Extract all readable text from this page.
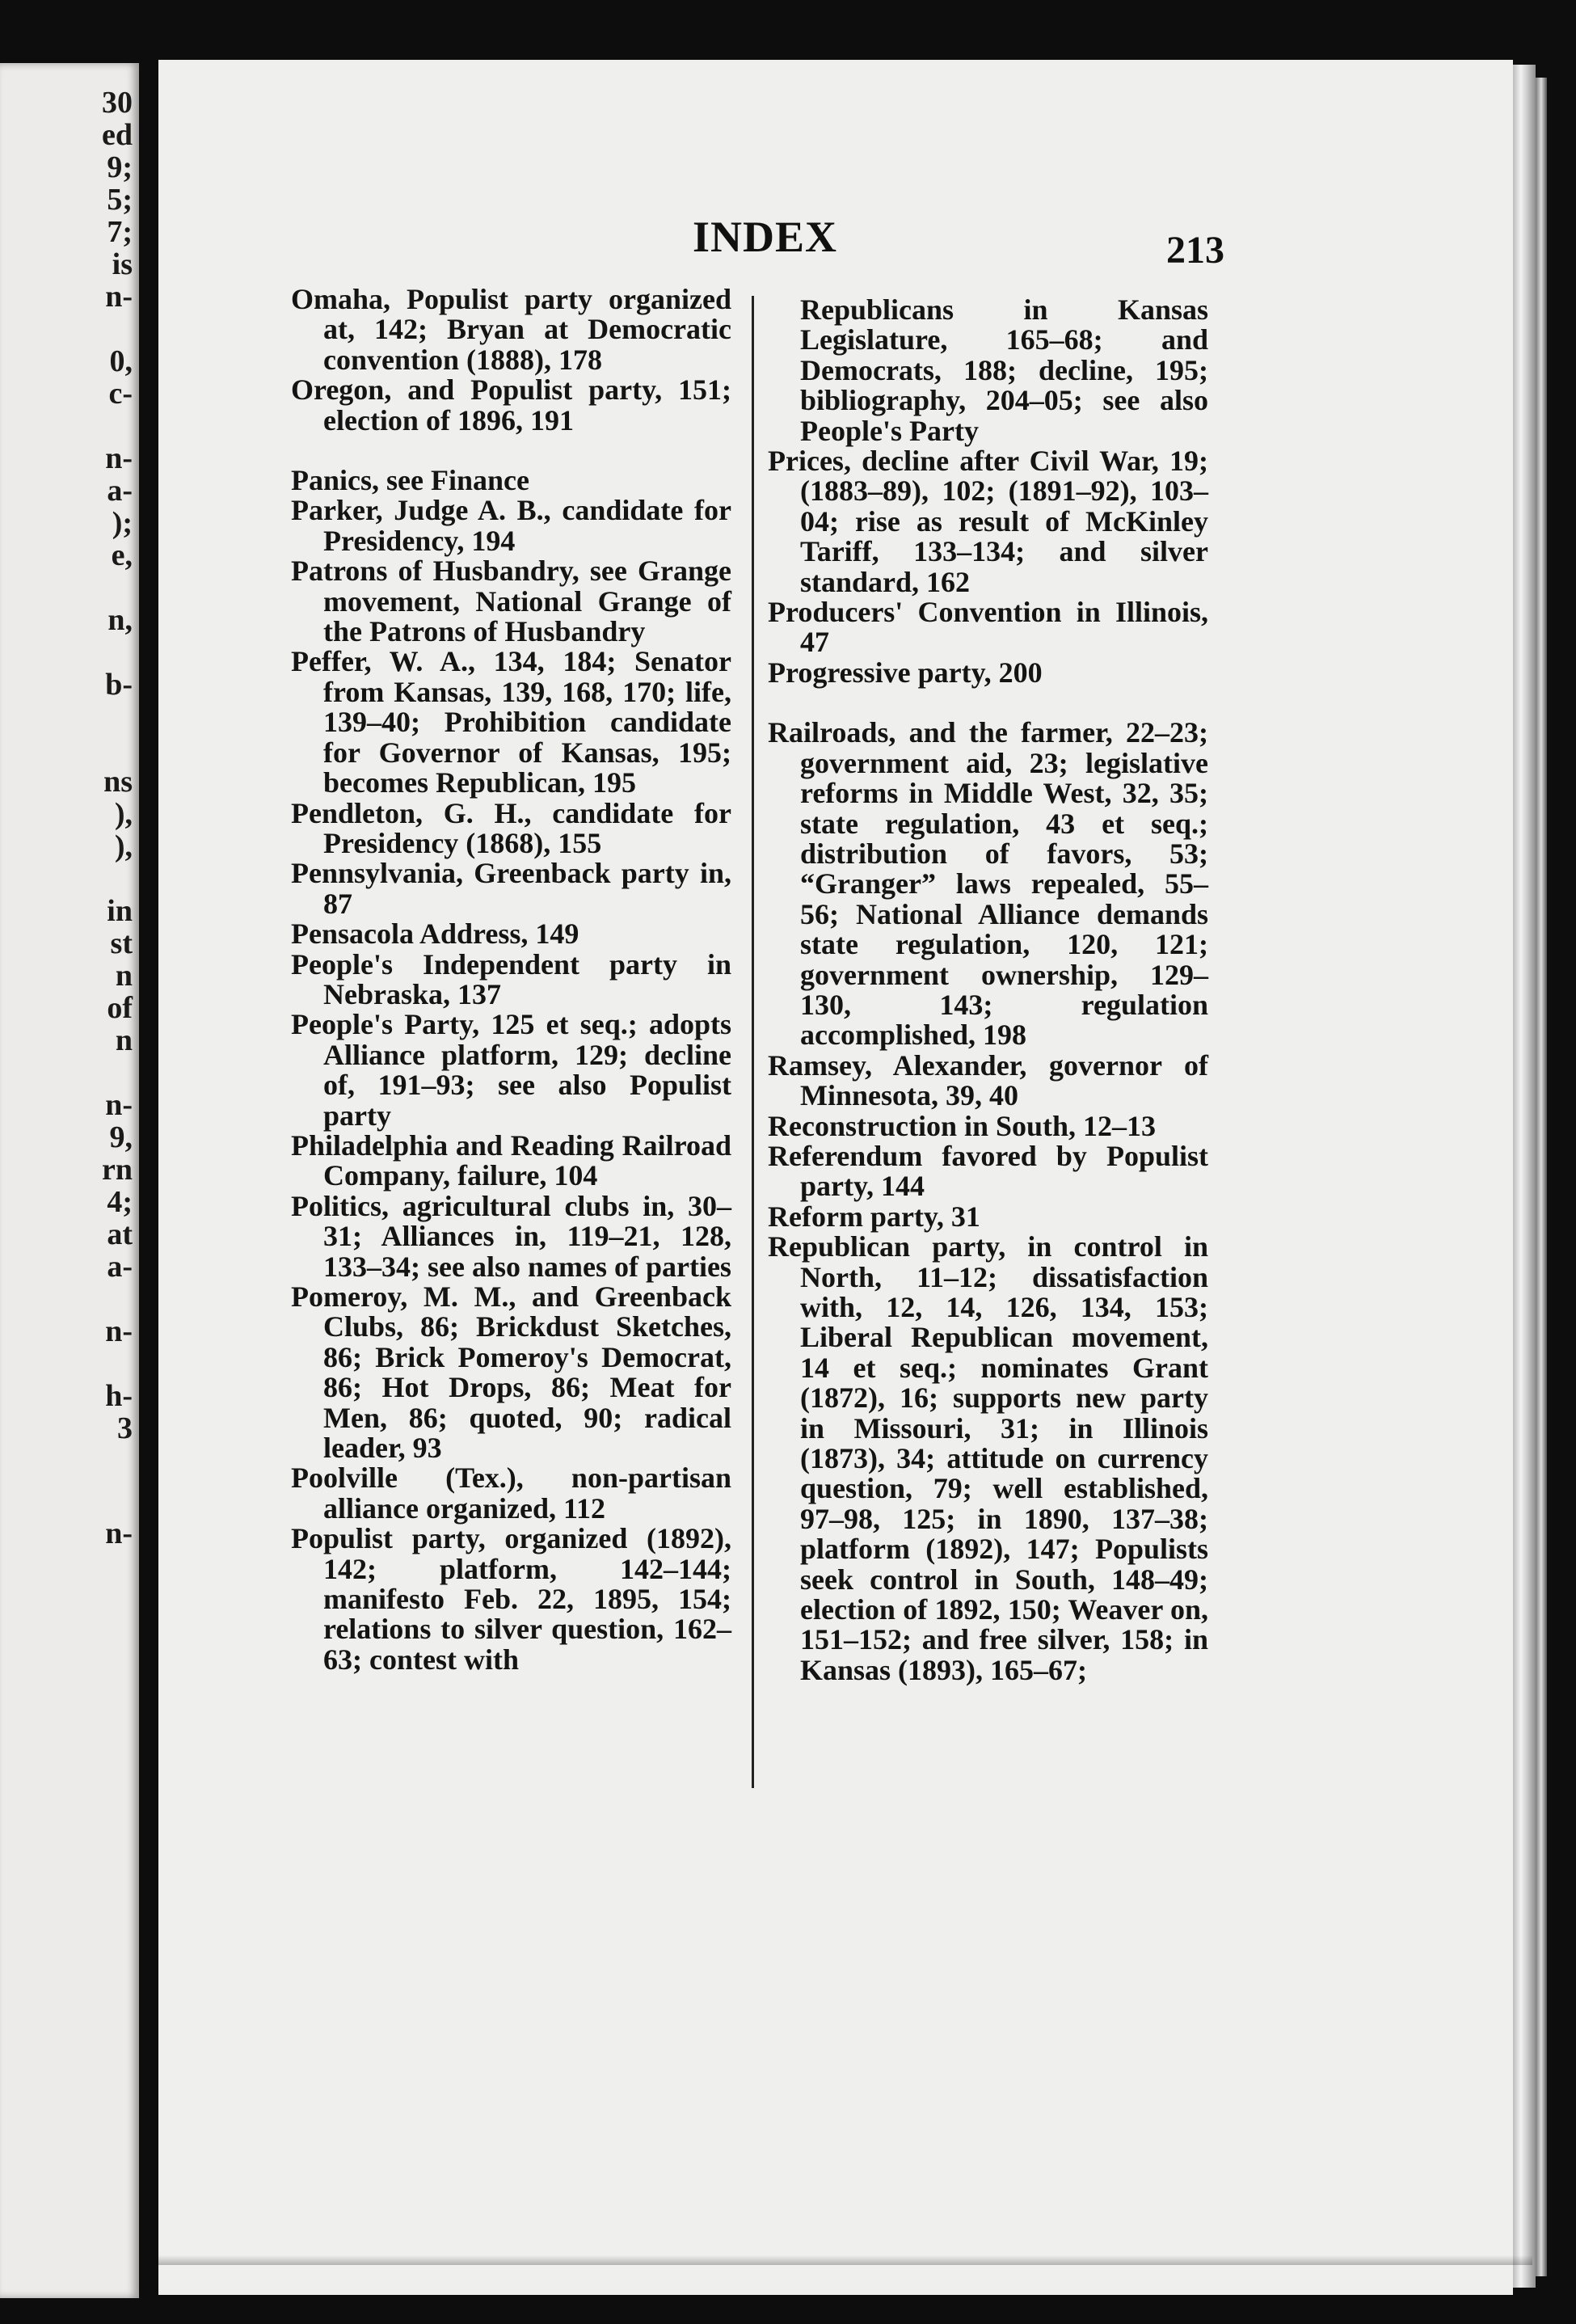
30
ed
9;
5;
7;
is
n-
0,
c-
n-
a-
);
e,
n,
b-
ns
),
),
in
st
n
of
n
n-
9,
rn
4;
at
a-
n-
h-
3
n-
INDEX	213

Omaha, Populist party organized at, 142; Bryan at Democratic convention (1888), 178

Oregon, and Populist party, 151; election of 1896, 191

Panics, see Finance

Parker, Judge A. B., candidate for Presidency, 194

Patrons of Husbandry, see Grange movement, National Grange of the Patrons of Husbandry

Peffer, W. A., 134, 184; Senator from Kansas, 139, 168, 170; life, 139–40; Prohibition candidate for Governor of Kansas, 195; becomes Republican, 195

Pendleton, G. H., candidate for Presidency (1868), 155

Pennsylvania, Greenback party in, 87

Pensacola Address, 149

People's Independent party in Nebraska, 137

People's Party, 125 et seq.; adopts Alliance platform, 129; decline of, 191–93; see also Populist party

Philadelphia and Reading Railroad Company, failure, 104

Politics, agricultural clubs in, 30–31; Alliances in, 119–21, 128, 133–34; see also names of parties

Pomeroy, M. M., and Greenback Clubs, 86; Brickdust Sketches, 86; Brick Pomeroy's Democrat, 86; Hot Drops, 86; Meat for Men, 86; quoted, 90; radical leader, 93

Poolville (Tex.), non-partisan alliance organized, 112

Populist party, organized (1892), 142; platform, 142–144; manifesto Feb. 22, 1895, 154; relations to silver question, 162–63; contest with

Republicans in Kansas Legislature, 165–68; and Democrats, 188; decline, 195; bibliography, 204–05; see also People's Party

Prices, decline after Civil War, 19; (1883–89), 102; (1891–92), 103–04; rise as result of McKinley Tariff, 133–134; and silver standard, 162

Producers' Convention in Illinois, 47

Progressive party, 200

Railroads, and the farmer, 22–23; government aid, 23; legislative reforms in Middle West, 32, 35; state regulation, 43 et seq.; distribution of favors, 53; “Granger” laws repealed, 55–56; National Alliance demands state regulation, 120, 121; government ownership, 129–130, 143; regulation accomplished, 198

Ramsey, Alexander, governor of Minnesota, 39, 40

Reconstruction in South, 12–13

Referendum favored by Populist party, 144

Reform party, 31

Republican party, in control in North, 11–12; dissatisfaction with, 12, 14, 126, 134, 153; Liberal Republican movement, 14 et seq.; nominates Grant (1872), 16; supports new party in Missouri, 31; in Illinois (1873), 34; attitude on currency question, 79; well established, 97–98, 125; in 1890, 137–38; platform (1892), 147; Populists seek control in South, 148–49; election of 1892, 150; Weaver on, 151–152; and free silver, 158; in Kansas (1893), 165–67;
